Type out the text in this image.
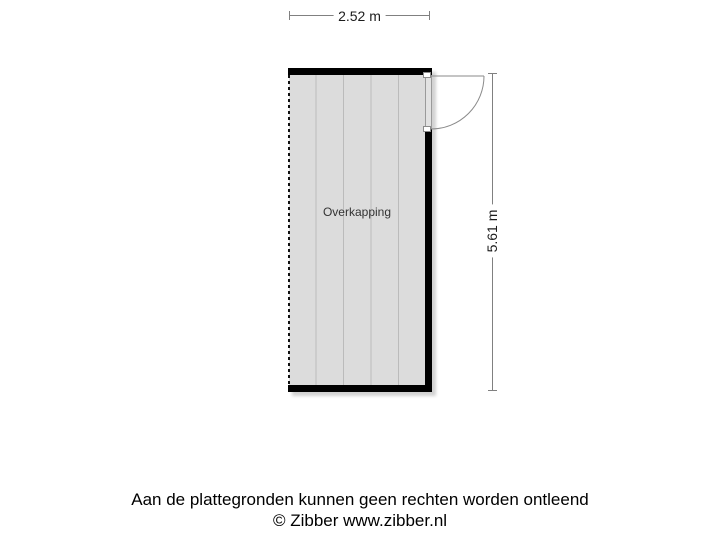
2.52 m
Overkapping	5.61 m
Aan de plattegronden kunnen geen rechten worden ontleend
© Zibber www.zibber.nl
